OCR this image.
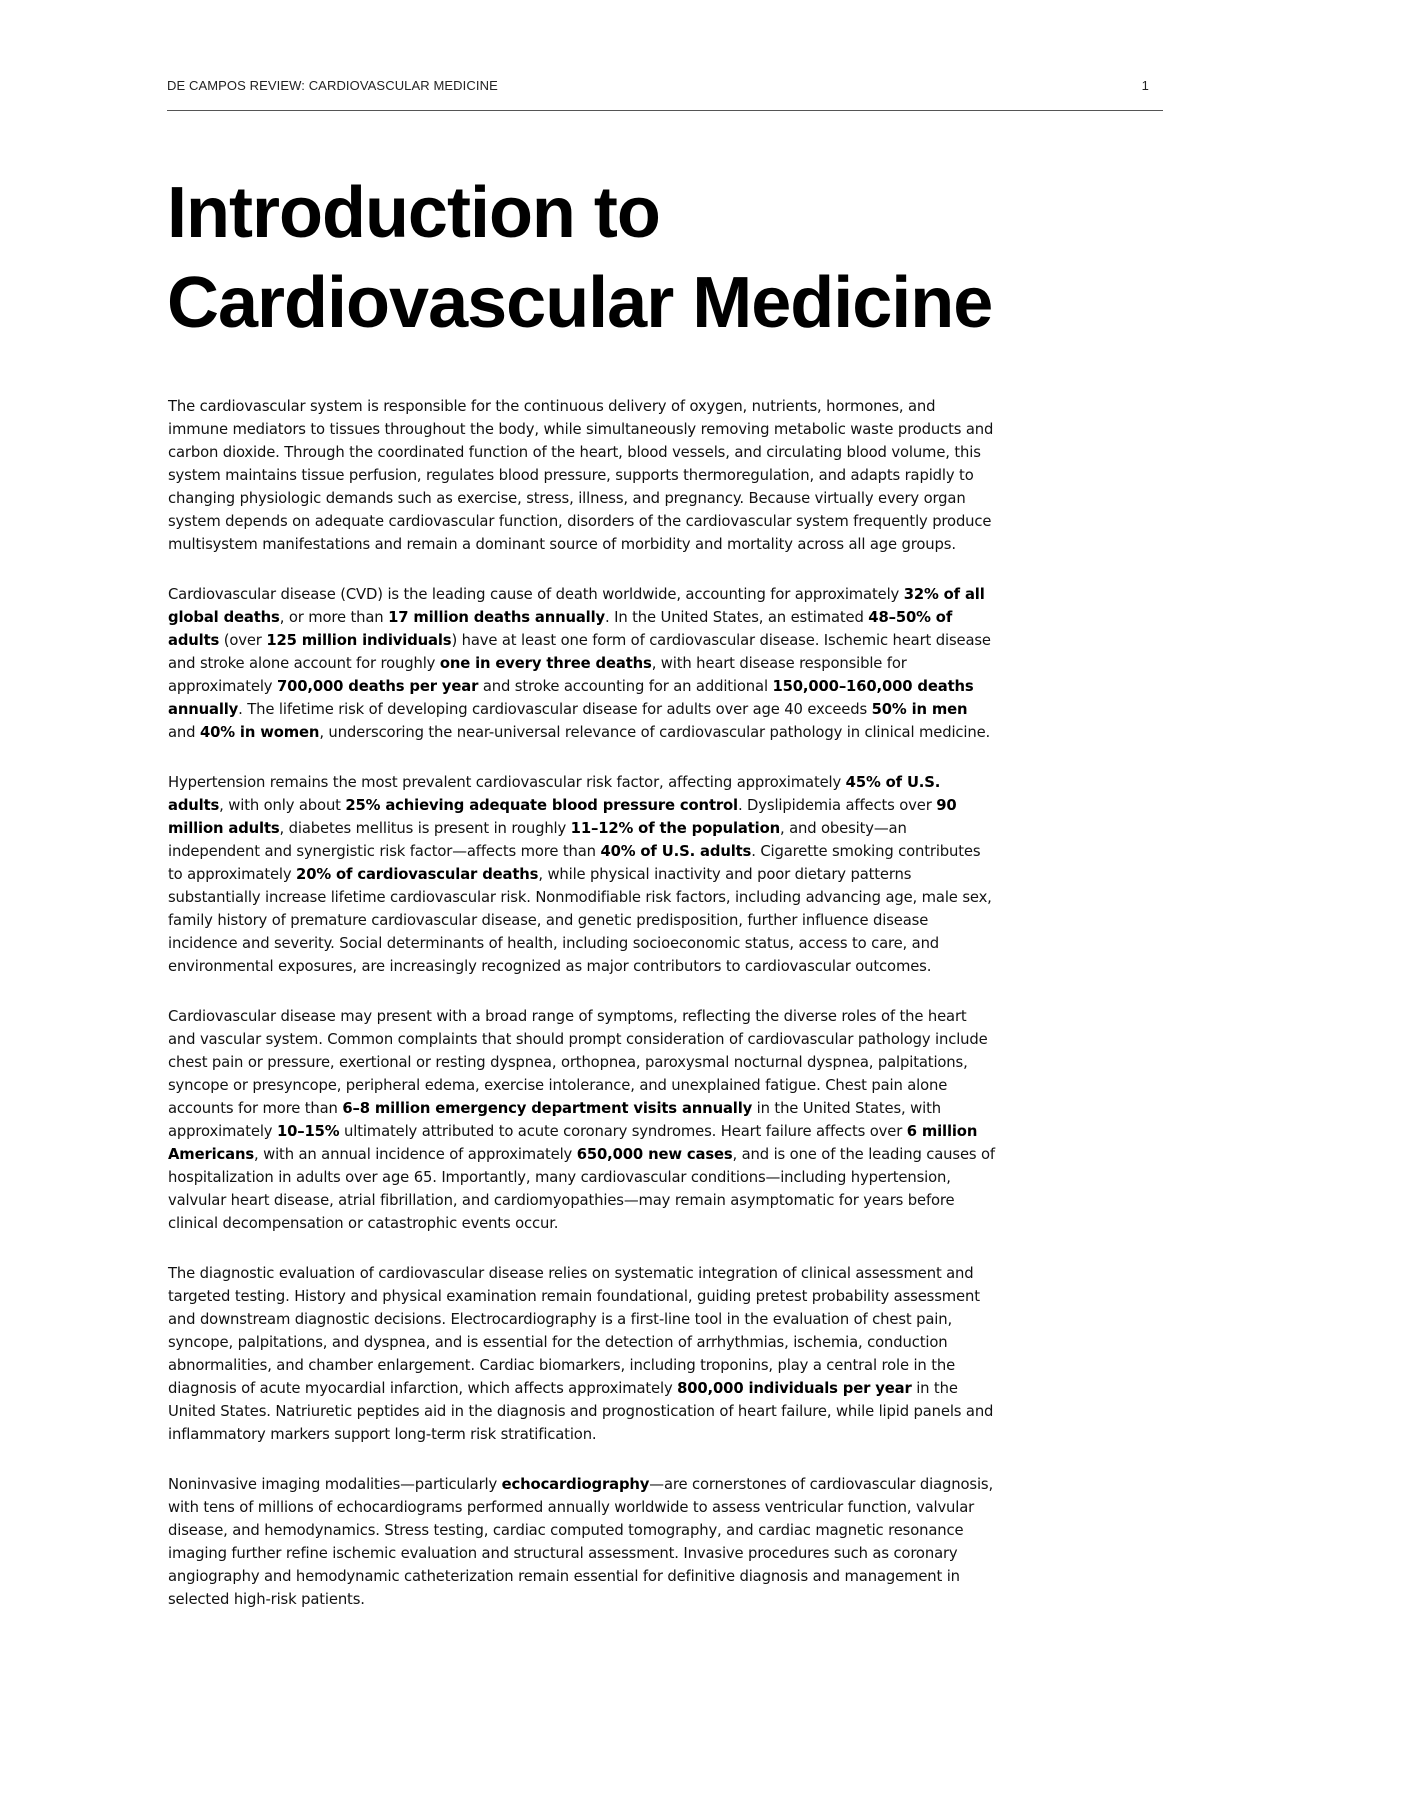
DE CAMPOS REVIEW: CARDIOVASCULAR MEDICINE	1
Introduction to
Cardiovascular Medicine

The cardiovascular system is responsible for the continuous delivery of oxygen, nutrients, hormones, and immune mediators to tissues throughout the body, while simultaneously removing metabolic waste products and carbon dioxide. Through the coordinated function of the heart, blood vessels, and circulating blood volume, this system maintains tissue perfusion, regulates blood pressure, supports thermoregulation, and adapts rapidly to changing physiologic demands such as exercise, stress, illness, and pregnancy. Because virtually every organ system depends on adequate cardiovascular function, disorders of the cardiovascular system frequently produce multisystem manifestations and remain a dominant source of morbidity and mortality across all age groups.

Cardiovascular disease (CVD) is the leading cause of death worldwide, accounting for approximately 32% of all global deaths, or more than 17 million deaths annually. In the United States, an estimated 48–50% of adults (over 125 million individuals) have at least one form of cardiovascular disease. Ischemic heart disease and stroke alone account for roughly one in every three deaths, with heart disease responsible for approximately 700,000 deaths per year and stroke accounting for an additional 150,000–160,000 deaths annually. The lifetime risk of developing cardiovascular disease for adults over age 40 exceeds 50% in men and 40% in women, underscoring the near-universal relevance of cardiovascular pathology in clinical medicine.

Hypertension remains the most prevalent cardiovascular risk factor, affecting approximately 45% of U.S. adults, with only about 25% achieving adequate blood pressure control. Dyslipidemia affects over 90 million adults, diabetes mellitus is present in roughly 11–12% of the population, and obesity—an independent and synergistic risk factor—affects more than 40% of U.S. adults. Cigarette smoking contributes to approximately 20% of cardiovascular deaths, while physical inactivity and poor dietary patterns substantially increase lifetime cardiovascular risk. Nonmodifiable risk factors, including advancing age, male sex, family history of premature cardiovascular disease, and genetic predisposition, further influence disease incidence and severity. Social determinants of health, including socioeconomic status, access to care, and environmental exposures, are increasingly recognized as major contributors to cardiovascular outcomes.

Cardiovascular disease may present with a broad range of symptoms, reflecting the diverse roles of the heart and vascular system. Common complaints that should prompt consideration of cardiovascular pathology include chest pain or pressure, exertional or resting dyspnea, orthopnea, paroxysmal nocturnal dyspnea, palpitations, syncope or presyncope, peripheral edema, exercise intolerance, and unexplained fatigue. Chest pain alone accounts for more than 6–8 million emergency department visits annually in the United States, with approximately 10–15% ultimately attributed to acute coronary syndromes. Heart failure affects over 6 million Americans, with an annual incidence of approximately 650,000 new cases, and is one of the leading causes of hospitalization in adults over age 65. Importantly, many cardiovascular conditions—including hypertension, valvular heart disease, atrial fibrillation, and cardiomyopathies—may remain asymptomatic for years before clinical decompensation or catastrophic events occur.

The diagnostic evaluation of cardiovascular disease relies on systematic integration of clinical assessment and targeted testing. History and physical examination remain foundational, guiding pretest probability assessment and downstream diagnostic decisions. Electrocardiography is a first-line tool in the evaluation of chest pain, syncope, palpitations, and dyspnea, and is essential for the detection of arrhythmias, ischemia, conduction abnormalities, and chamber enlargement. Cardiac biomarkers, including troponins, play a central role in the diagnosis of acute myocardial infarction, which affects approximately 800,000 individuals per year in the United States. Natriuretic peptides aid in the diagnosis and prognostication of heart failure, while lipid panels and inflammatory markers support long-term risk stratification.

Noninvasive imaging modalities—particularly echocardiography—are cornerstones of cardiovascular diagnosis, with tens of millions of echocardiograms performed annually worldwide to assess ventricular function, valvular disease, and hemodynamics. Stress testing, cardiac computed tomography, and cardiac magnetic resonance imaging further refine ischemic evaluation and structural assessment. Invasive procedures such as coronary angiography and hemodynamic catheterization remain essential for definitive diagnosis and management in selected high-risk patients.
